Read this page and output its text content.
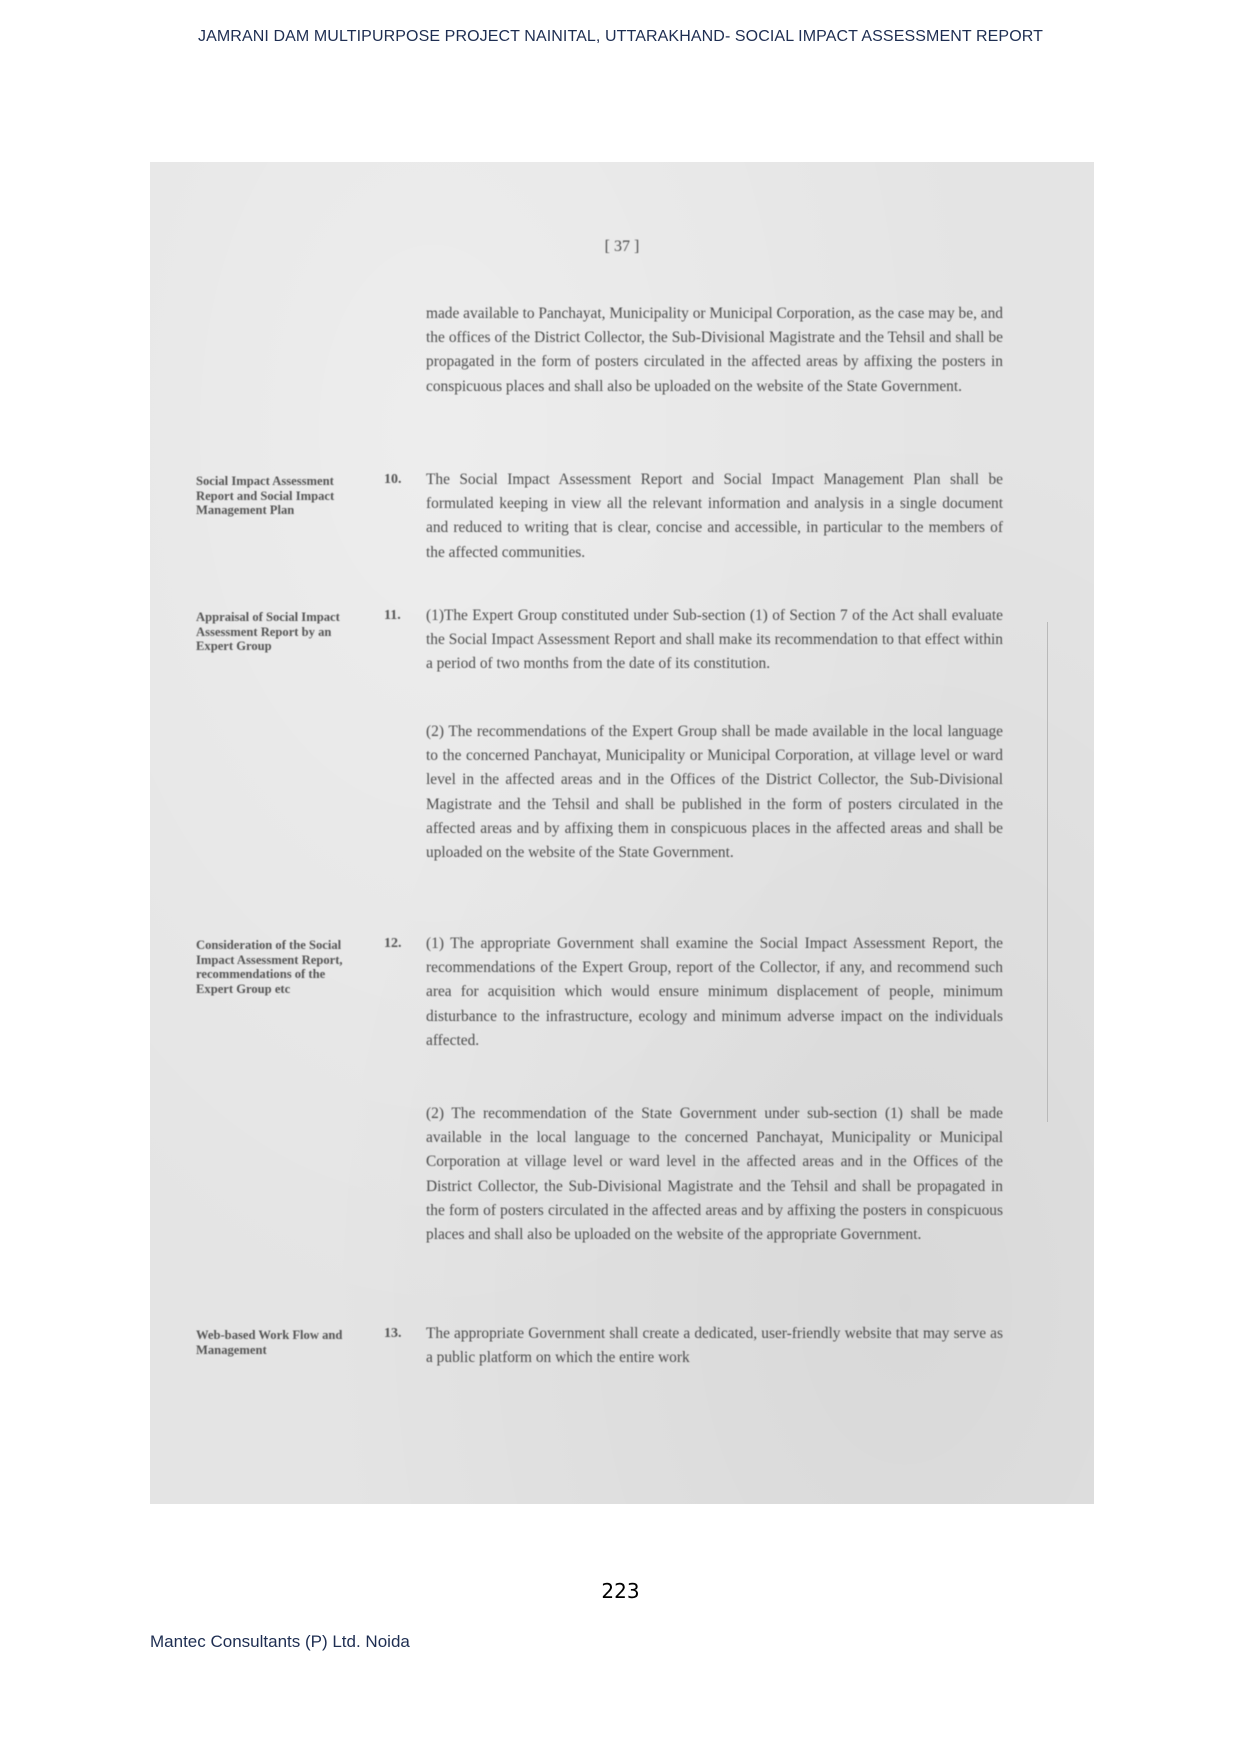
JAMRANI DAM MULTIPURPOSE PROJECT NAINITAL, UTTARAKHAND- SOCIAL IMPACT ASSESSMENT REPORT
[ 37 ]

made available to Panchayat, Municipality or Municipal Corporation, as the case may be, and the offices of the District Collector, the Sub-Divisional Magistrate and the Tehsil and shall be propagated in the form of posters circulated in the affected areas by affixing the posters in conspicuous places and shall also be uploaded on the website of the State Government.

Social Impact Assessment Report and Social Impact Management Plan

10. The Social Impact Assessment Report and Social Impact Management Plan shall be formulated keeping in view all the relevant information and analysis in a single document and reduced to writing that is clear, concise and accessible, in particular to the members of the affected communities.

Appraisal of Social Impact Assessment Report by an Expert Group

11. (1)The Expert Group constituted under Sub-section (1) of Section 7 of the Act shall evaluate the Social Impact Assessment Report and shall make its recommendation to that effect within a period of two months from the date of its constitution.

(2) The recommendations of the Expert Group shall be made available in the local language to the concerned Panchayat, Municipality or Municipal Corporation, at village level or ward level in the affected areas and in the Offices of the District Collector, the Sub-Divisional Magistrate and the Tehsil and shall be published in the form of posters circulated in the affected areas and by affixing them in conspicuous places in the affected areas and shall be uploaded on the website of the State Government.

Consideration of the Social Impact Assessment Report, recommendations of the Expert Group etc

12. (1) The appropriate Government shall examine the Social Impact Assessment Report, the recommendations of the Expert Group, report of the Collector, if any, and recommend such area for acquisition which would ensure minimum displacement of people, minimum disturbance to the infrastructure, ecology and minimum adverse impact on the individuals affected.

(2) The recommendation of the State Government under sub-section (1) shall be made available in the local language to the concerned Panchayat, Municipality or Municipal Corporation at village level or ward level in the affected areas and in the Offices of the District Collector, the Sub-Divisional Magistrate and the Tehsil and shall be propagated in the form of posters circulated in the affected areas and by affixing the posters in conspicuous places and shall also be uploaded on the website of the appropriate Government.

Web-based Work Flow and Management

13. The appropriate Government shall create a dedicated, user-friendly website that may serve as a public platform on which the entire work

223
Mantec Consultants (P) Ltd. Noida
